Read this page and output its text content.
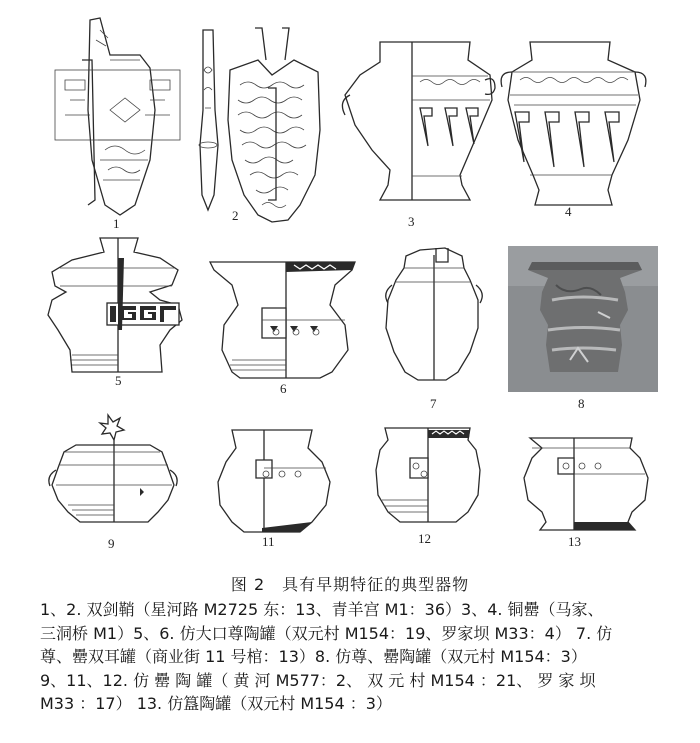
1
2	3
4
5
6
7	8
9	11	12	13
图 2　具有早期特征的典型器物
1、2. 双剑鞘（星河路 M2725 东：13、青羊宫 M1：36）3、4. 铜罍（马家、
三洞桥 M1）5、6. 仿大口尊陶罐（双元村 M154：19、罗家坝 M33：4） 7. 仿
尊、罍双耳罐（商业街 11 号棺：13）8. 仿尊、罍陶罐（双元村 M154：3）
9、11、12. 仿 罍 陶 罐（ 黄 河 M577：2、 双 元 村 M154 ：21、 罗 家 坝
M33 ：17） 13. 仿簋陶罐（双元村 M154 ：3）
